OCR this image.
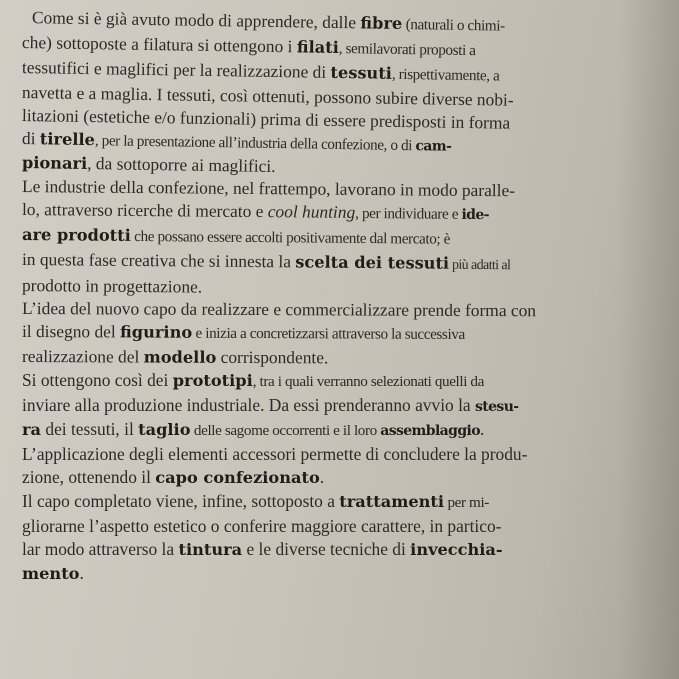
Come si è già avuto modo di apprendere, dalle fibre (naturali o chimi-
che) sottoposte a filatura si ottengono i filati, semilavorati proposti a
tessutifici e maglifici per la realizzazione di tessuti, rispettivamente, a
navetta e a maglia. I tessuti, così ottenuti, possono subire diverse nobi-
litazioni (estetiche e/o funzionali) prima di essere predisposti in forma
di tirelle, per la presentazione all’industria della confezione, o di cam-
pionari, da sottoporre ai maglifici.
Le industrie della confezione, nel frattempo, lavorano in modo paralle-
lo, attraverso ricerche di mercato e cool hunting, per individuare e ide-
are prodotti che possano essere accolti positivamente dal mercato; è
in questa fase creativa che si innesta la scelta dei tessuti più adatti al
prodotto in progettazione.
L’idea del nuovo capo da realizzare e commercializzare prende forma con
il disegno del figurino e inizia a concretizzarsi attraverso la successiva
realizzazione del modello corrispondente.
Si ottengono così dei prototipi, tra i quali verranno selezionati quelli da
inviare alla produzione industriale. Da essi prenderanno avvio la stesu-
ra dei tessuti, il taglio delle sagome occorrenti e il loro assemblaggio.
L’applicazione degli elementi accessori permette di concludere la produ-
zione, ottenendo il capo confezionato.
Il capo completato viene, infine, sottoposto a trattamenti per mi-
gliorarne l’aspetto estetico o conferire maggiore carattere, in partico-
lar modo attraverso la tintura e le diverse tecniche di invecchia-
mento.
